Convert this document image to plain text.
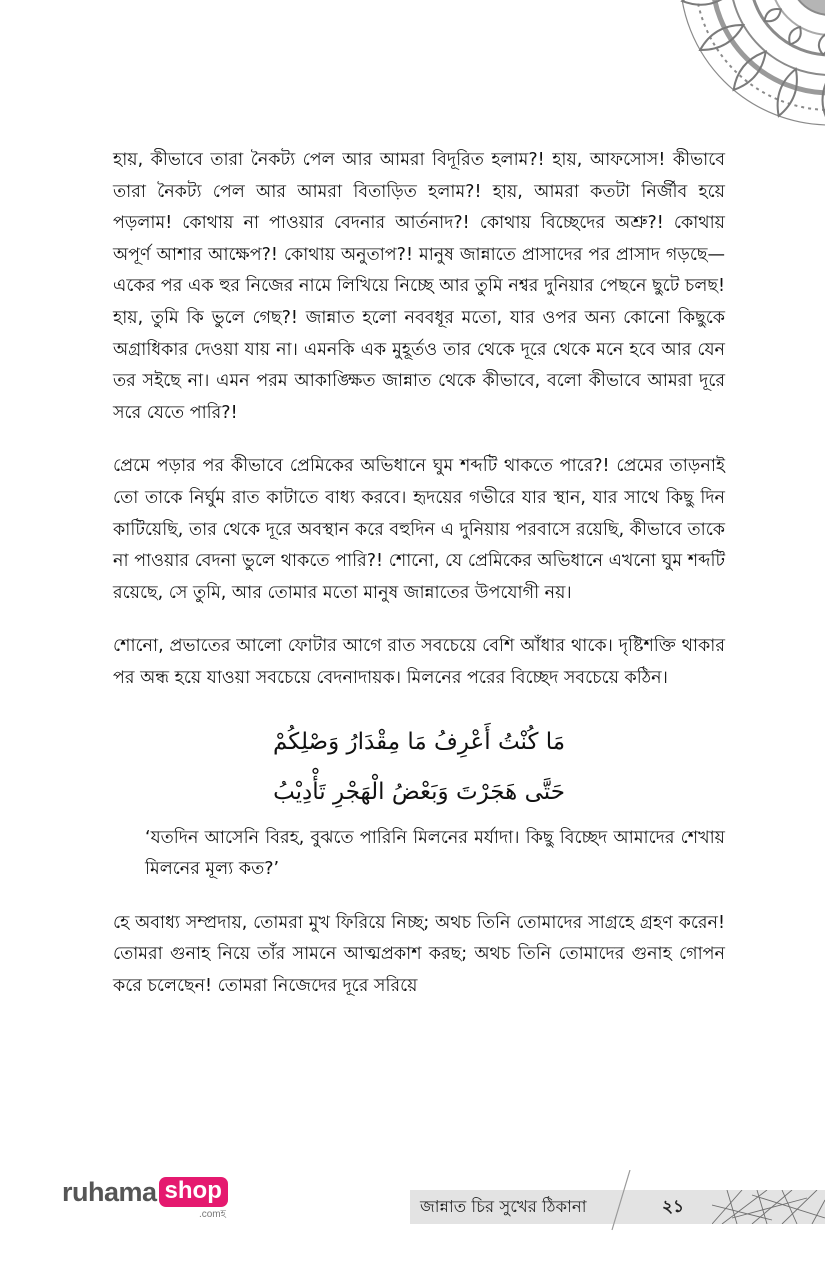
হায়, কীভাবে তারা নৈকট্য পেল আর আমরা বিদূরিত হলাম?! হায়, আফসোস! কীভাবে তারা নৈকট্য পেল আর আমরা বিতাড়িত হলাম?! হায়, আমরা কতটা নির্জীব হয়ে পড়লাম! কোথায় না পাওয়ার বেদনার আর্তনাদ?! কোথায় বিচ্ছেদের অশ্রু?! কোথায় অপূর্ণ আশার আক্ষেপ?! কোথায় অনুতাপ?! মানুষ জান্নাতে প্রাসাদের পর প্রাসাদ গড়ছে—একের পর এক হুর নিজের নামে লিখিয়ে নিচ্ছে আর তুমি নশ্বর দুনিয়ার পেছনে ছুটে চলছ! হায়, তুমি কি ভুলে গেছ?! জান্নাত হলো নববধূর মতো, যার ওপর অন্য কোনো কিছুকে অগ্রাধিকার দেওয়া যায় না। এমনকি এক মুহূর্তও তার থেকে দূরে থেকে মনে হবে আর যেন তর সইছে না। এমন পরম আকাঙ্ক্ষিত জান্নাত থেকে কীভাবে, বলো কীভাবে আমরা দূরে সরে যেতে পারি?!

প্রেমে পড়ার পর কীভাবে প্রেমিকের অভিধানে ঘুম শব্দটি থাকতে পারে?! প্রেমের তাড়নাই তো তাকে নির্ঘুম রাত কাটাতে বাধ্য করবে। হৃদয়ের গভীরে যার স্থান, যার সাথে কিছু দিন কাটিয়েছি, তার থেকে দূরে অবস্থান করে বহুদিন এ দুনিয়ায় পরবাসে রয়েছি, কীভাবে তাকে না পাওয়ার বেদনা ভুলে থাকতে পারি?! শোনো, যে প্রেমিকের অভিধানে এখনো ঘুম শব্দটি রয়েছে, সে তুমি, আর তোমার মতো মানুষ জান্নাতের উপযোগী নয়।

শোনো, প্রভাতের আলো ফোটার আগে রাত সবচেয়ে বেশি আঁধার থাকে। দৃষ্টিশক্তি থাকার পর অন্ধ হয়ে যাওয়া সবচেয়ে বেদনাদায়ক। মিলনের পরের বিচ্ছেদ সবচেয়ে কঠিন।

مَا كُنْتُ أَعْرِفُ مَا مِقْدَارُ وَصْلِكُمْ

حَتَّى هَجَرْتَ وَبَعْضُ الْهَجْرِ تَأْدِيْبُ

‘যতদিন আসেনি বিরহ, বুঝতে পারিনি মিলনের মর্যাদা। কিছু বিচ্ছেদ আমাদের শেখায় মিলনের মূল্য কত?’

হে অবাধ্য সম্প্রদায়, তোমরা মুখ ফিরিয়ে নিচ্ছ; অথচ তিনি তোমাদের সাগ্রহে গ্রহণ করেন! তোমরা গুনাহ নিয়ে তাঁর সামনে আত্মপ্রকাশ করছ; অথচ তিনি তোমাদের গুনাহ গোপন করে চলেছেন! তোমরা নিজেদের দূরে সরিয়ে

ruhama shop
.comহ	জান্নাত চির সুখের ঠিকানা	২১
